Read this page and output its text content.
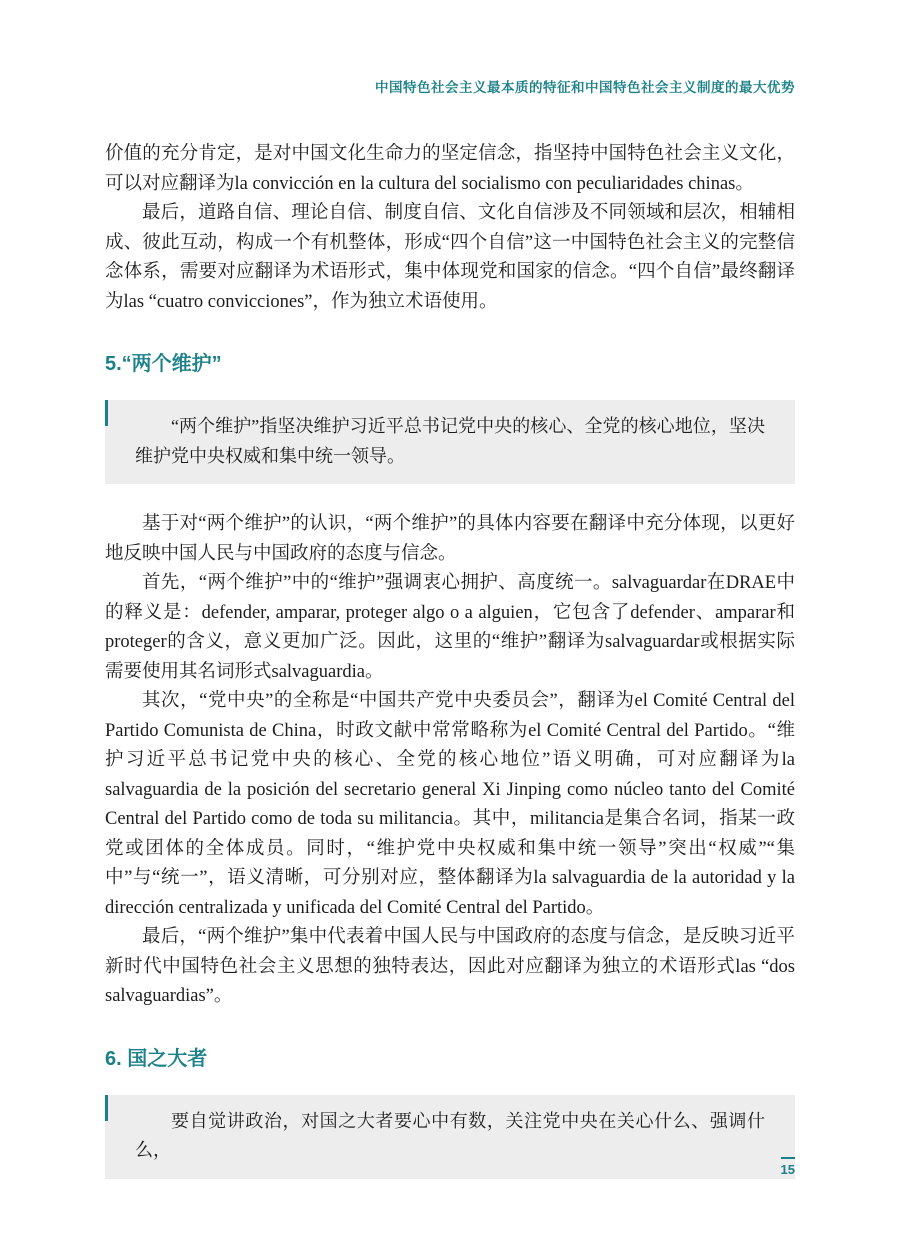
中国特色社会主义最本质的特征和中国特色社会主义制度的最大优势

价值的充分肯定，是对中国文化生命力的坚定信念，指坚持中国特色社会主义文化，可以对应翻译为la convicción en la cultura del socialismo con peculiaridades chinas。

最后，道路自信、理论自信、制度自信、文化自信涉及不同领域和层次，相辅相成、彼此互动，构成一个有机整体，形成“四个自信”这一中国特色社会主义的完整信念体系，需要对应翻译为术语形式，集中体现党和国家的信念。“四个自信”最终翻译为las “cuatro convicciones”，作为独立术语使用。

5.“两个维护”

“两个维护”指坚决维护习近平总书记党中央的核心、全党的核心地位，坚决维护党中央权威和集中统一领导。

基于对“两个维护”的认识，“两个维护”的具体内容要在翻译中充分体现，以更好地反映中国人民与中国政府的态度与信念。

首先，“两个维护”中的“维护”强调衷心拥护、高度统一。salvaguardar在DRAE中的释义是：defender, amparar, proteger algo o a alguien，它包含了defender、amparar和proteger的含义，意义更加广泛。因此，这里的“维护”翻译为salvaguardar或根据实际需要使用其名词形式salvaguardia。

其次，“党中央”的全称是“中国共产党中央委员会”，翻译为el Comité Central del Partido Comunista de China，时政文献中常常略称为el Comité Central del Partido。“维护习近平总书记党中央的核心、全党的核心地位”语义明确，可对应翻译为la salvaguardia de la posición del secretario general Xi Jinping como núcleo tanto del Comité Central del Partido como de toda su militancia。其中，militancia是集合名词，指某一政党或团体的全体成员。同时，“维护党中央权威和集中统一领导”突出“权威”“集中”与“统一”，语义清晰，可分别对应，整体翻译为la salvaguardia de la autoridad y la dirección centralizada y unificada del Comité Central del Partido。

最后，“两个维护”集中代表着中国人民与中国政府的态度与信念，是反映习近平新时代中国特色社会主义思想的独特表达，因此对应翻译为独立的术语形式las “dos salvaguardias”。

6. 国之大者

要自觉讲政治，对国之大者要心中有数，关注党中央在关心什么、强调什么，

15
